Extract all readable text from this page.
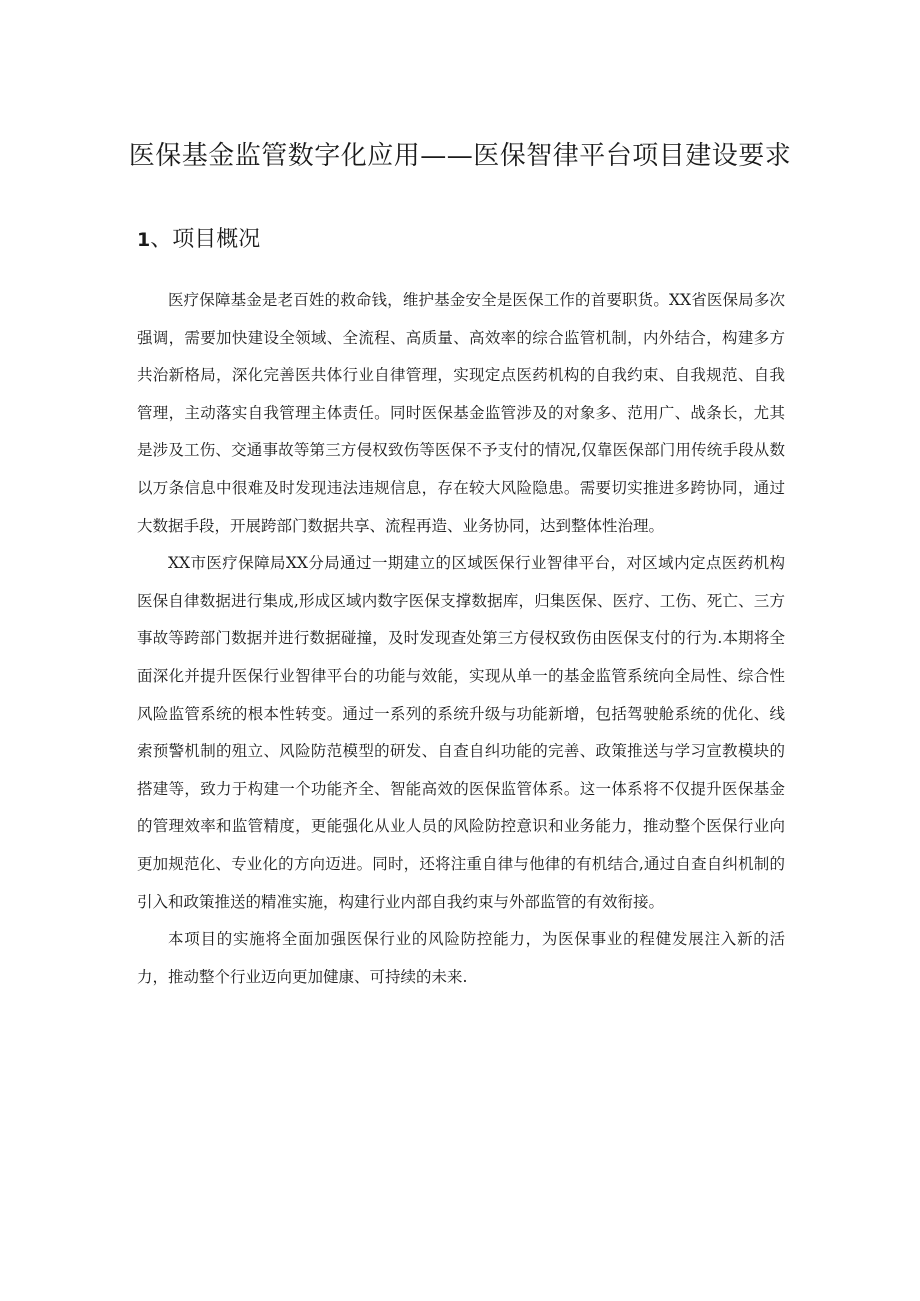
医保基金监管数字化应用——医保智律平台项目建设要求
1、项目概况

医疗保障基金是老百姓的救命钱，维护基金安全是医保工作的首要职货。XX省医保局多次强调，需要加快建设全领域、全流程、高质量、高效率的综合监管机制，内外结合，构建多方共治新格局，深化完善医共体行业自律管理，实现定点医药机构的自我约束、自我规范、自我管理，主动落实自我管理主体责任。同时医保基金监管涉及的对象多、范用广、战条长，尤其是涉及工伤、交通事故等第三方侵权致伤等医保不予支付的情况,仅靠医保部门用传统手段从数以万条信息中很难及时发现违法违规信息，存在较大风险隐患。需要切实推进多跨协同，通过大数据手段，开展跨部门数据共享、流程再造、业务协同，达到整体性治理。

XX市医疗保障局XX分局通过一期建立的区域医保行业智律平台，对区域内定点医药机构医保自律数据进行集成,形成区域内数字医保支撑数据库，归集医保、医疗、工伤、死亡、三方事故等跨部门数据并进行数据碰撞，及时发现查处第三方侵权致伤由医保支付的行为.本期将全面深化并提升医保行业智律平台的功能与效能，实现从单一的基金监管系统向全局性、综合性风险监管系统的根本性转变。通过一系列的系统升级与功能新增，包括驾驶舱系统的优化、线索预警机制的殂立、风险防范模型的研发、自查自纠功能的完善、政策推送与学习宣教模块的搭建等，致力于构建一个功能齐全、智能高效的医保监管体系。这一体系将不仅提升医保基金的管理效率和监管精度，更能强化从业人员的风险防控意识和业务能力，推动整个医保行业向更加规范化、专业化的方向迈进。同时，还将注重自律与他律的有机结合,通过自查自纠机制的引入和政策推送的精准实施，构建行业内部自我约束与外部监管的有效衔接。

本项目的实施将全面加强医保行业的风险防控能力，为医保事业的程健发展注入新的活力，推动整个行业迈向更加健康、可持续的未来.
